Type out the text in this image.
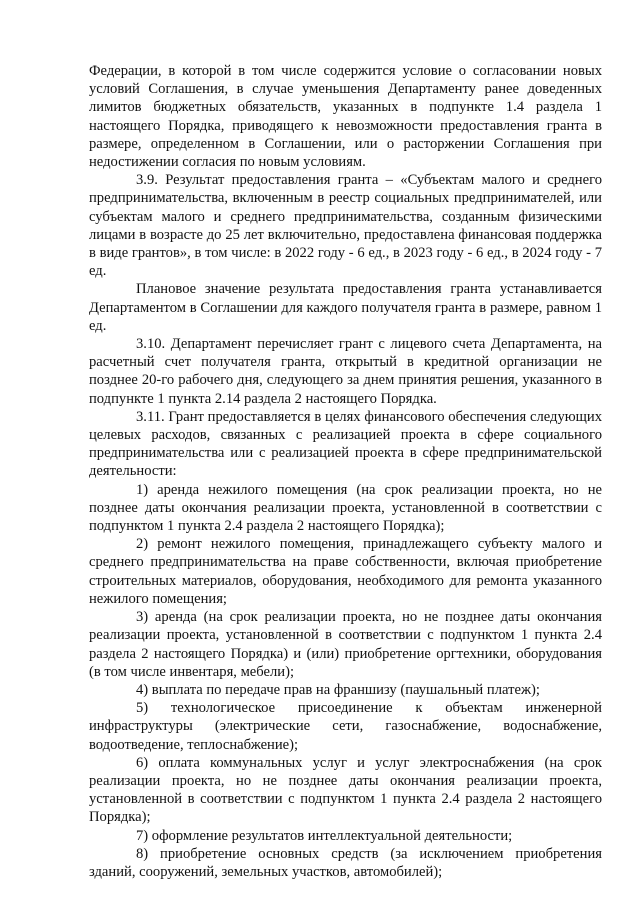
Федерации, в которой в том числе содержится условие о согласовании новых условий Соглашения, в случае уменьшения Департаменту ранее доведенных лимитов бюджетных обязательств, указанных в подпункте 1.4 раздела 1 настоящего Порядка, приводящего к невозможности предоставления гранта в размере, определенном в Соглашении, или о расторжении Соглашения при недостижении согласия по новым условиям.

3.9. Результат предоставления гранта – «Субъектам малого и среднего предпринимательства, включенным в реестр социальных предпринимателей, или субъектам малого и среднего предпринимательства, созданным физическими лицами в возрасте до 25 лет включительно, предоставлена финансовая поддержка в виде грантов», в том числе: в 2022 году - 6 ед., в 2023 году - 6 ед., в 2024 году - 7 ед.

Плановое значение результата предоставления гранта устанавливается Департаментом в Соглашении для каждого получателя гранта в размере, равном 1 ед.

3.10. Департамент перечисляет грант с лицевого счета Департамента, на расчетный счет получателя гранта, открытый в кредитной организации не позднее 20-го рабочего дня, следующего за днем принятия решения, указанного в подпункте 1 пункта 2.14 раздела 2 настоящего Порядка.

3.11. Грант предоставляется в целях финансового обеспечения следующих целевых расходов, связанных с реализацией проекта в сфере социального предпринимательства или с реализацией проекта в сфере предпринимательской деятельности:

1) аренда нежилого помещения (на срок реализации проекта, но не позднее даты окончания реализации проекта, установленной в соответствии с подпунктом 1 пункта 2.4 раздела 2 настоящего Порядка);

2) ремонт нежилого помещения, принадлежащего субъекту малого и среднего предпринимательства на праве собственности, включая приобретение строительных материалов, оборудования, необходимого для ремонта указанного нежилого помещения;

3) аренда (на срок реализации проекта, но не позднее даты окончания реализации проекта, установленной в соответствии с подпунктом 1 пункта 2.4 раздела 2 настоящего Порядка) и (или) приобретение оргтехники, оборудования (в том числе инвентаря, мебели);

4) выплата по передаче прав на франшизу (паушальный платеж);

5) технологическое присоединение к объектам инженерной инфраструктуры (электрические сети, газоснабжение, водоснабжение, водоотведение, теплоснабжение);

6) оплата коммунальных услуг и услуг электроснабжения (на срок реализации проекта, но не позднее даты окончания реализации проекта, установленной в соответствии с подпунктом 1 пункта 2.4 раздела 2 настоящего Порядка);

7) оформление результатов интеллектуальной деятельности;

8) приобретение основных средств (за исключением приобретения зданий, сооружений, земельных участков, автомобилей);
